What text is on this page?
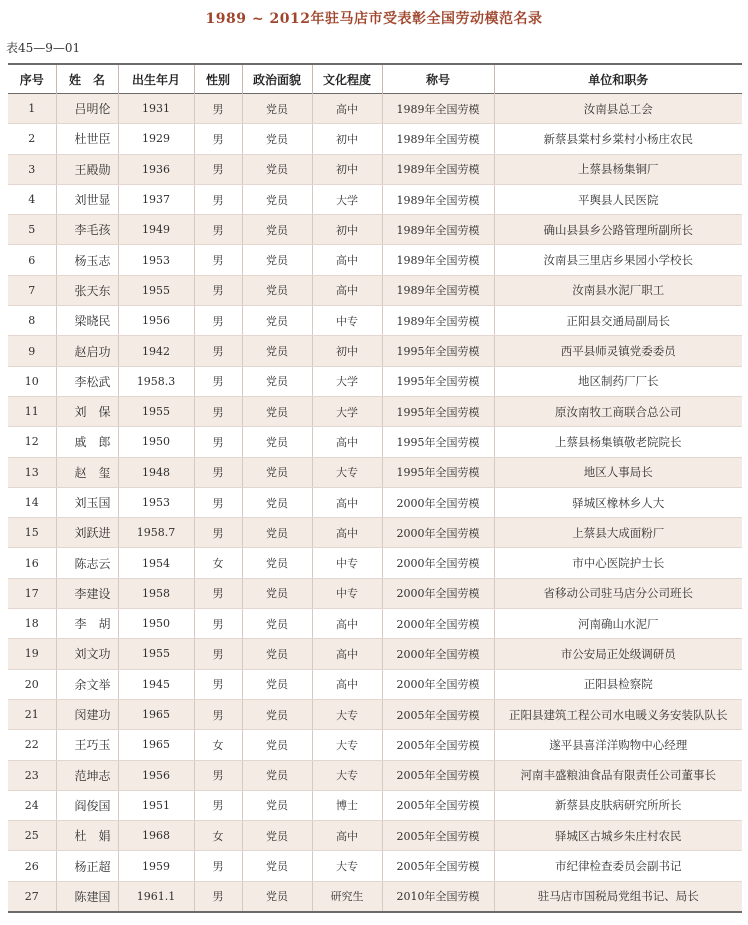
1989 ~ 2012年驻马店市受表彰全国劳动模范名录
表45—9—01
序号	姓　名	出生年月	性别	政治面貌	文化程度	称号	单位和职务
1	吕明伦	1931	男	党员	高中	1989年全国劳模	汝南县总工会
2	杜世臣	1929	男	党员	初中	1989年全国劳模	新蔡县棠村乡棠村小杨庄农民
3	王殿勋	1936	男	党员	初中	1989年全国劳模	上蔡县杨集铜厂
4	刘世显	1937	男	党员	大学	1989年全国劳模	平舆县人民医院
5	李毛孩	1949	男	党员	初中	1989年全国劳模	确山县县乡公路管理所副所长
6	杨玉志	1953	男	党员	高中	1989年全国劳模	汝南县三里店乡果园小学校长
7	张天东	1955	男	党员	高中	1989年全国劳模	汝南县水泥厂职工
8	梁晓民	1956	男	党员	中专	1989年全国劳模	正阳县交通局副局长
9	赵启功	1942	男	党员	初中	1995年全国劳模	西平县师灵镇党委委员
10	李松武	1958.3	男	党员	大学	1995年全国劳模	地区制药厂厂长
11	刘　保	1955	男	党员	大学	1995年全国劳模	原汝南牧工商联合总公司
12	戚　郎	1950	男	党员	高中	1995年全国劳模	上蔡县杨集镇敬老院院长
13	赵　玺	1948	男	党员	大专	1995年全国劳模	地区人事局长
14	刘玉国	1953	男	党员	高中	2000年全国劳模	驿城区橡林乡人大
15	刘跃进	1958.7	男	党员	高中	2000年全国劳模	上蔡县大成面粉厂
16	陈志云	1954	女	党员	中专	2000年全国劳模	市中心医院护士长
17	李建设	1958	男	党员	中专	2000年全国劳模	省移动公司驻马店分公司班长
18	李　胡	1950	男	党员	高中	2000年全国劳模	河南确山水泥厂
19	刘文功	1955	男	党员	高中	2000年全国劳模	市公安局正处级调研员
20	余文举	1945	男	党员	高中	2000年全国劳模	正阳县检察院
21	闵建功	1965	男	党员	大专	2005年全国劳模	正阳县建筑工程公司水电暖义务安装队队长
22	王巧玉	1965	女	党员	大专	2005年全国劳模	遂平县喜洋洋购物中心经理
23	范坤志	1956	男	党员	大专	2005年全国劳模	河南丰盛粮油食品有限责任公司董事长
24	阎俊国	1951	男	党员	博士	2005年全国劳模	新蔡县皮肤病研究所所长
25	杜　娟	1968	女	党员	高中	2005年全国劳模	驿城区古城乡朱庄村农民
26	杨正超	1959	男	党员	大专	2005年全国劳模	市纪律检查委员会副书记
27	陈建国	1961.1	男	党员	研究生	2010年全国劳模	驻马店市国税局党组书记、局长
